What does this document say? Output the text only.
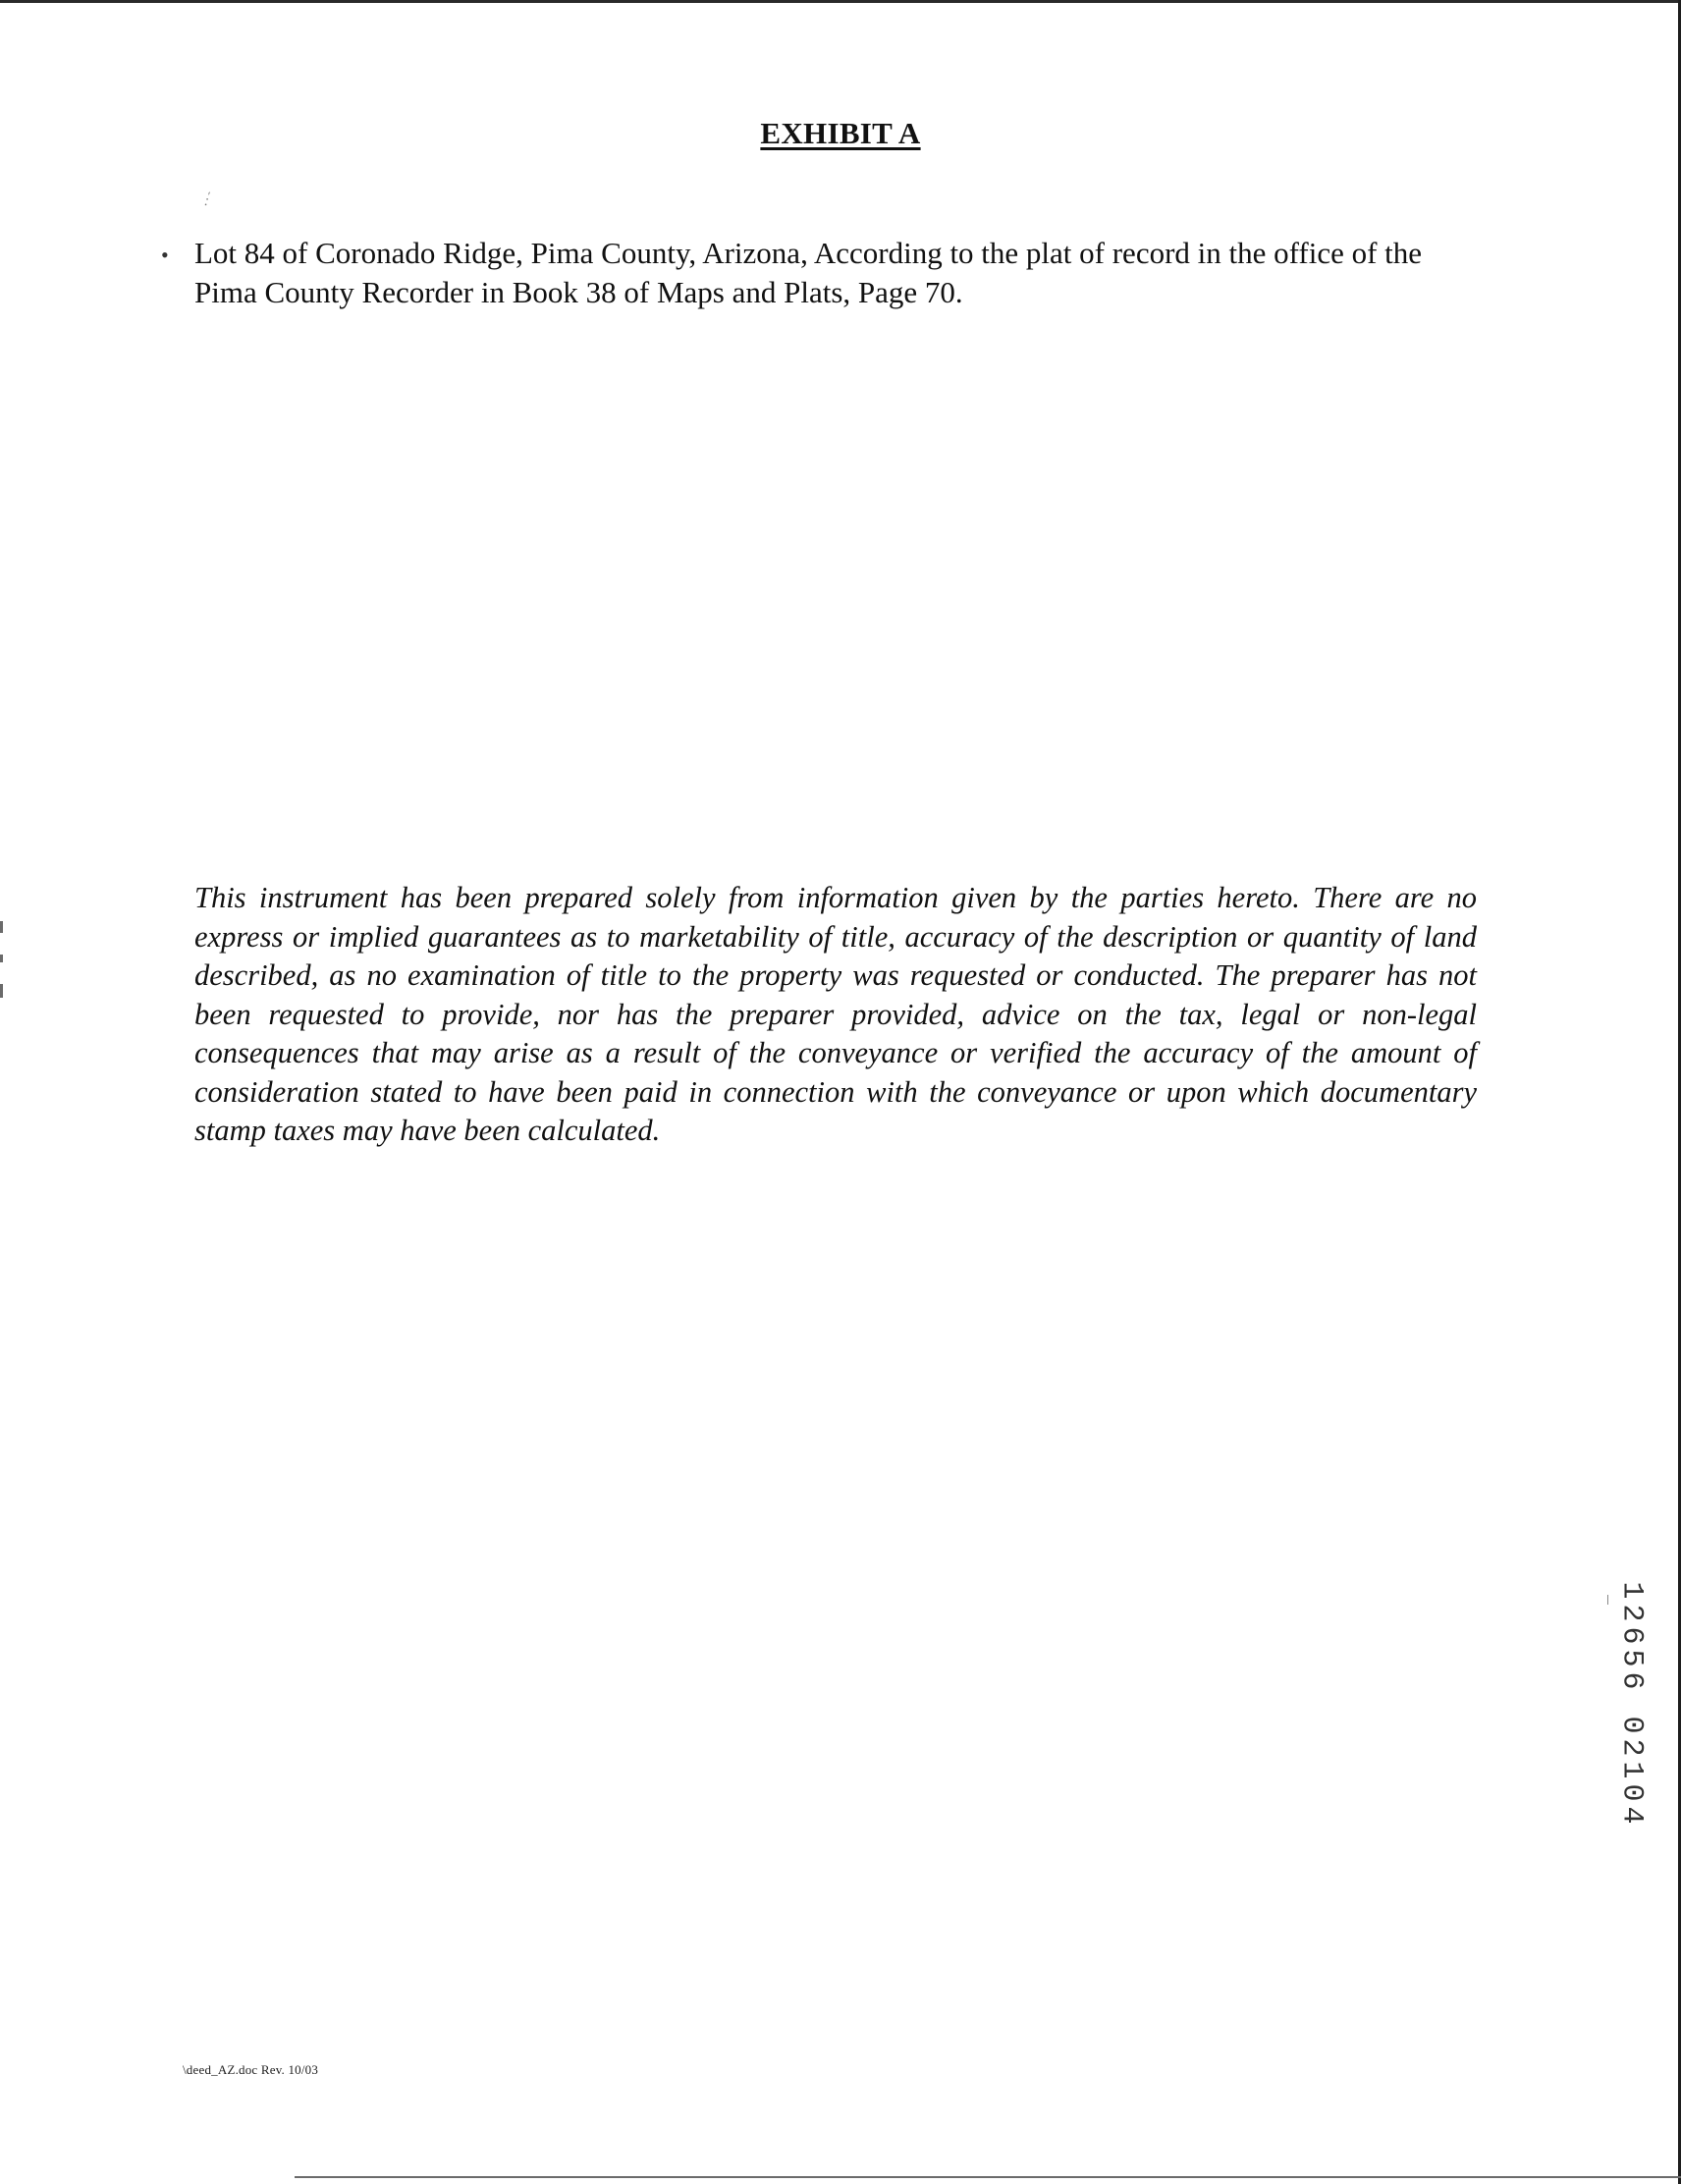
EXHIBIT A
.·´
• Lot 84 of Coronado Ridge, Pima County, Arizona, According to the plat of record in the office of the Pima County Recorder in Book 38 of Maps and Plats, Page 70.
This instrument has been prepared solely from information given by the parties hereto. There are no express or implied guarantees as to marketability of title, accuracy of the description or quantity of land described, as no examination of title to the property was requested or conducted. The preparer has not been requested to provide, nor has the preparer provided, advice on the tax, legal or non-legal consequences that may arise as a result of the conveyance or verified the accuracy of the amount of consideration stated to have been paid in connection with the conveyance or upon which documentary stamp taxes may have been calculated.
1
2
6
5
6
0
2
1
0
4
\deed_AZ.doc Rev. 10/03
